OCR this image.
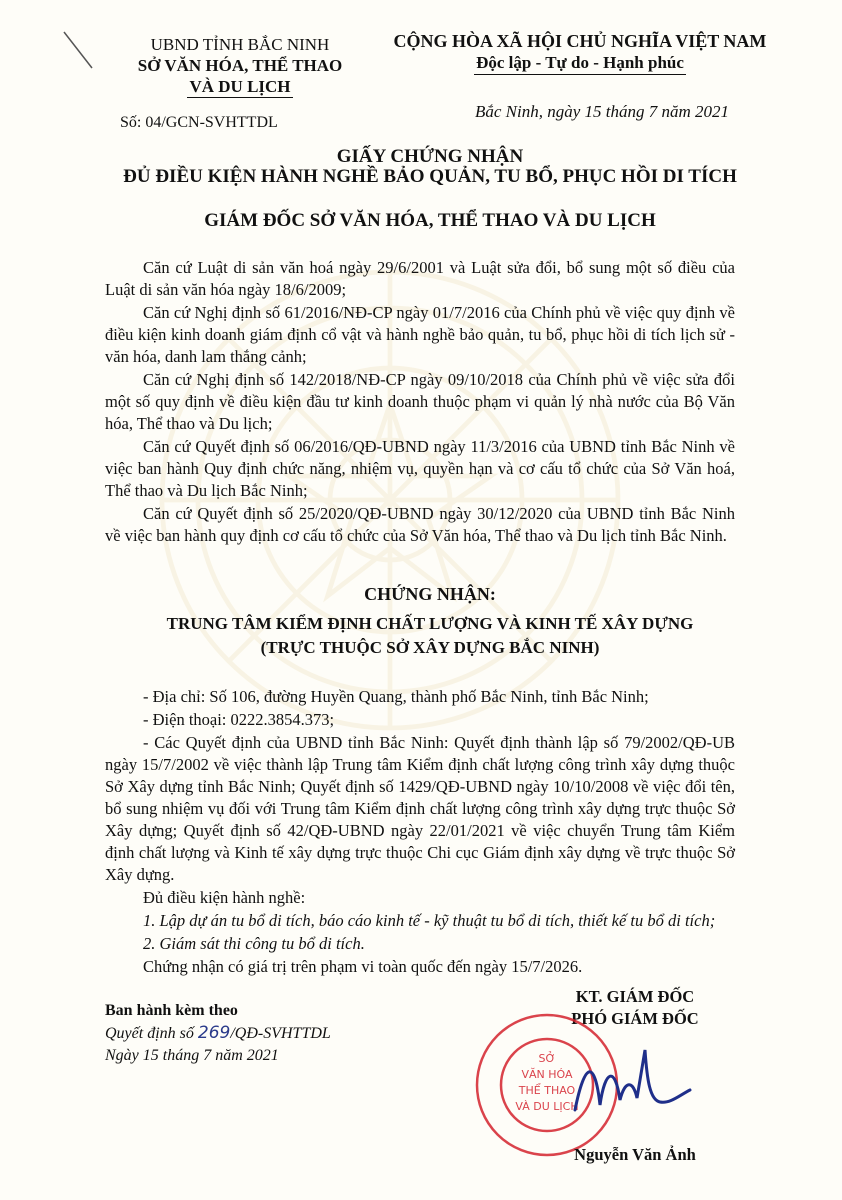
UBND TỈNH BẮC NINH
SỞ VĂN HÓA, THỂ THAO
VÀ DU LỊCH
Số: 04/GCN-SVHTTDL
CỘNG HÒA XÃ HỘI CHỦ NGHĨA VIỆT NAM
Độc lập - Tự do - Hạnh phúc
Bắc Ninh, ngày 15 tháng 7 năm 2021
GIẤY CHỨNG NHẬN
ĐỦ ĐIỀU KIỆN HÀNH NGHỀ BẢO QUẢN, TU BỔ, PHỤC HỒI DI TÍCH
GIÁM ĐỐC SỞ VĂN HÓA, THỂ THAO VÀ DU LỊCH

Căn cứ Luật di sản văn hoá ngày 29/6/2001 và Luật sửa đổi, bổ sung một số điều của Luật di sản văn hóa ngày 18/6/2009;

Căn cứ Nghị định số 61/2016/NĐ-CP ngày 01/7/2016 của Chính phủ về việc quy định về điều kiện kinh doanh giám định cổ vật và hành nghề bảo quản, tu bổ, phục hồi di tích lịch sử - văn hóa, danh lam thắng cảnh;

Căn cứ Nghị định số 142/2018/NĐ-CP ngày 09/10/2018 của Chính phủ về việc sửa đổi một số quy định về điều kiện đầu tư kinh doanh thuộc phạm vi quản lý nhà nước của Bộ Văn hóa, Thể thao và Du lịch;

Căn cứ Quyết định số 06/2016/QĐ-UBND ngày 11/3/2016 của UBND tỉnh Bắc Ninh về việc ban hành Quy định chức năng, nhiệm vụ, quyền hạn và cơ cấu tổ chức của Sở Văn hoá, Thể thao và Du lịch Bắc Ninh;

Căn cứ Quyết định số 25/2020/QĐ-UBND ngày 30/12/2020 của UBND tỉnh Bắc Ninh về việc ban hành quy định cơ cấu tổ chức của Sở Văn hóa, Thể thao và Du lịch tỉnh Bắc Ninh.

CHỨNG NHẬN:
TRUNG TÂM KIỂM ĐỊNH CHẤT LƯỢNG VÀ KINH TẾ XÂY DỰNG
(TRỰC THUỘC SỞ XÂY DỰNG BẮC NINH)

- Địa chỉ: Số 106, đường Huyền Quang, thành phố Bắc Ninh, tỉnh Bắc Ninh;

- Điện thoại: 0222.3854.373;

- Các Quyết định của UBND tỉnh Bắc Ninh: Quyết định thành lập số 79/2002/QĐ-UB ngày 15/7/2002 về việc thành lập Trung tâm Kiểm định chất lượng công trình xây dựng thuộc Sở Xây dựng tỉnh Bắc Ninh; Quyết định số 1429/QĐ-UBND ngày 10/10/2008 về việc đổi tên, bổ sung nhiệm vụ đối với Trung tâm Kiểm định chất lượng công trình xây dựng trực thuộc Sở Xây dựng; Quyết định số 42/QĐ-UBND ngày 22/01/2021 về việc chuyển Trung tâm Kiểm định chất lượng và Kinh tế xây dựng trực thuộc Chi cục Giám định xây dựng về trực thuộc Sở Xây dựng.

Đủ điều kiện hành nghề:

1. Lập dự án tu bổ di tích, báo cáo kinh tế - kỹ thuật tu bổ di tích, thiết kế tu bổ di tích;

2. Giám sát thi công tu bổ di tích.

Chứng nhận có giá trị trên phạm vi toàn quốc đến ngày 15/7/2026.

Ban hành kèm theo
Quyết định số 269/QĐ-SVHTTDL
Ngày 15 tháng 7 năm 2021
KT. GIÁM ĐỐC
PHÓ GIÁM ĐỐC
SỞ
VĂN HÓA
THỂ THAO
VÀ DU LỊCH
Nguyễn Văn Ảnh
